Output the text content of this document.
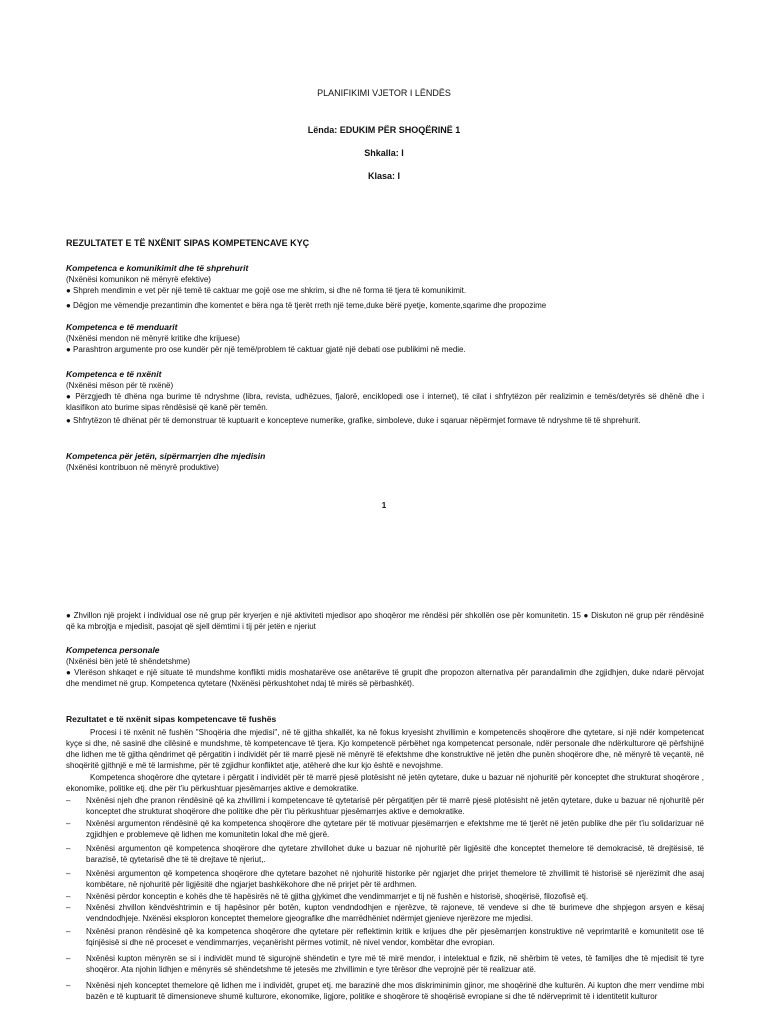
PLANIFIKIMI VJETOR I LËNDËS
Lënda: EDUKIM PËR SHOQËRINË 1
Shkalla: I
Klasa: I
REZULTATET E TË NXËNIT SIPAS KOMPETENCAVE KYÇ
Kompetenca e komunikimit dhe të shprehurit
(Nxënësi komunikon në mënyrë efektive)
● Shpreh mendimin e vet për një temë të caktuar me gojë ose me shkrim, si dhe në forma të tjera të komunikimit.
● Dëgjon me vëmendje prezantimin dhe komentet e bëra nga të tjerët rreth një teme,duke bërë pyetje, komente,sqarime dhe propozime
Kompetenca e të menduarit
(Nxënësi mendon në mënyrë kritike dhe krijuese)
● Parashtron argumente pro ose kundër për një temë/problem të caktuar gjatë një debati ose publikimi në medie.
Kompetenca e të nxënit
(Nxënësi mëson për të nxënë)
● Përzgjedh të dhëna nga burime të ndryshme (libra, revista, udhëzues, fjalorë, enciklopedi ose i internet), të cilat i shfrytëzon për realizimin e temës/detyrës së dhënë dhe i klasifikon ato burime sipas rëndësisë që kanë për temën.
● Shfrytëzon të dhënat për të demonstruar të kuptuarit e koncepteve numerike, grafike, simboleve, duke i sqaruar nëpërmjet formave të ndryshme të të shprehurit.
Kompetenca për jetën, sipërmarrjen dhe mjedisin
(Nxënësi kontribuon në mënyrë produktive)
1
● Zhvillon një projekt i individual ose në grup për kryerjen e një aktiviteti mjedisor apo shoqëror me rëndësi për shkollën ose për komunitetin. 15 ● Diskuton në grup për rëndësinë që ka mbrojtja e mjedisit, pasojat që sjell dëmtimi i tij për jetën e njeriut
Kompetenca personale
(Nxënësi bën jetë të shëndetshme)
● Vlerëson shkaqet e një situate të mundshme konflikti midis moshatarëve ose anëtarëve të grupit dhe propozon alternativa për parandalimin dhe zgjidhjen, duke ndarë përvojat dhe mendimet në grup. Kompetenca qytetare (Nxënësi përkushtohet ndaj të mirës së përbashkët).
Rezultatet e të nxënit sipas kompetencave të fushës
Procesi i të nxënit në fushën "Shoqëria dhe mjedisi", në të gjitha shkallët, ka në fokus kryesisht zhvillimin e kompetencës shoqërore dhe qytetare, si një ndër kompetencat kyçe si dhe, në sasinë dhe cilësinë e mundshme, të kompetencave të tjera. Kjo kompetencë përbëhet nga kompetencat personale, ndër personale dhe ndërkulturore që përfshijnë dhe lidhen me të gjitha qëndrimet që përgatitin i individët për të marrë pjesë në mënyrë të efektshme dhe konstruktive në jetën dhe punën shoqërore dhe, në mënyrë të veçantë, në shoqëritë gjithnjë e më të larmishme, për të zgjidhur konfliktet atje, atëherë dhe kur kjo është e nevojshme.
Kompetenca shoqërore dhe qytetare i përgatit i individët për të marrë pjesë plotësisht në jetën qytetare, duke u bazuar në njohuritë për konceptet dhe strukturat shoqërore , ekonomike, politike etj. dhe për t'iu përkushtuar pjesëmarrjes aktive e demokratike.
–	Nxënësi njeh dhe pranon rëndësinë që ka zhvillimi i kompetencave të qytetarisë për përgatitjen për të marrë pjesë plotësisht në jetën qytetare, duke u bazuar në njohuritë për konceptet dhe strukturat shoqërore dhe politike dhe për t'iu përkushtuar pjesëmarrjes aktive e demokratike.
–	Nxënësi argumenton rëndësinë që ka kompetenca shoqërore dhe qytetare për të motivuar pjesëmarrjen e efektshme me të tjerët në jetën publike dhe për t'iu solidarizuar në zgjidhjen e problemeve që lidhen me komunitetin lokal dhe më gjerë.
–	Nxënësi argumenton që kompetenca shoqërore dhe qytetare zhvillohet duke u bazuar në njohuritë për ligjësitë dhe konceptet themelore të demokracisë, të drejtësisë, të barazisë, të qytetarisë dhe të të drejtave të njeriut,.
–	Nxënësi argumenton që kompetenca shoqërore dhe qytetare bazohet në njohuritë historike për ngjarjet dhe prirjet themelore të zhvillimit të historisë së njerëzimit dhe asaj kombëtare, në njohuritë për ligjësitë dhe ngjarjet bashkëkohore dhe në prirjet për të ardhmen.
–	Nxënësi përdor konceptin e kohës dhe të hapësirës në të gjitha gjykimet dhe vendimmarrjet e tij në fushën e historisë, shoqërisë, filozofisë etj.
–	Nxënësi zhvillon këndvështrimin e tij hapësinor për botën, kupton vendndodhjen e njerëzve, të rajoneve, të vendeve si dhe të burimeve dhe shpjegon arsyen e kësaj vendndodhjeje. Nxënësi eksploron konceptet themelore gjeografike dhe marrëdhëniet ndërmjet gjenieve njerëzore me mjedisi.
–	Nxënësi pranon rëndësinë që ka kompetenca shoqërore dhe qytetare për reflektimin kritik e krijues dhe për pjesëmarrjen konstruktive në veprimtaritë e komunitetit ose të fqinjësisë si dhe në proceset e vendimmarrjes, veçanërisht përmes votimit, në nivel vendor, kombëtar dhe evropian.
–	Nxënësi kupton mënyrën se si i individët mund të sigurojnë shëndetin e tyre më të mirë mendor, i intelektual e fizik, në shërbim të vetes, të familjes dhe të mjedisit të tyre shoqëror. Ata njohin lidhjen e mënyrës së shëndetshme të jetesës me zhvillimin e tyre tërësor dhe veprojnë për të realizuar atë.
–	Nxënësi njeh konceptet themelore që lidhen me i individët, grupet etj. me barazinë dhe mos diskriminimin gjinor, me shoqërinë dhe kulturën. Ai kupton dhe merr vendime mbi bazën e të kuptuarit të dimensioneve shumë kulturore, ekonomike, ligjore, politike e shoqërore të shoqërisë evropiane si dhe të ndërveprimit të i identitetit kulturor
